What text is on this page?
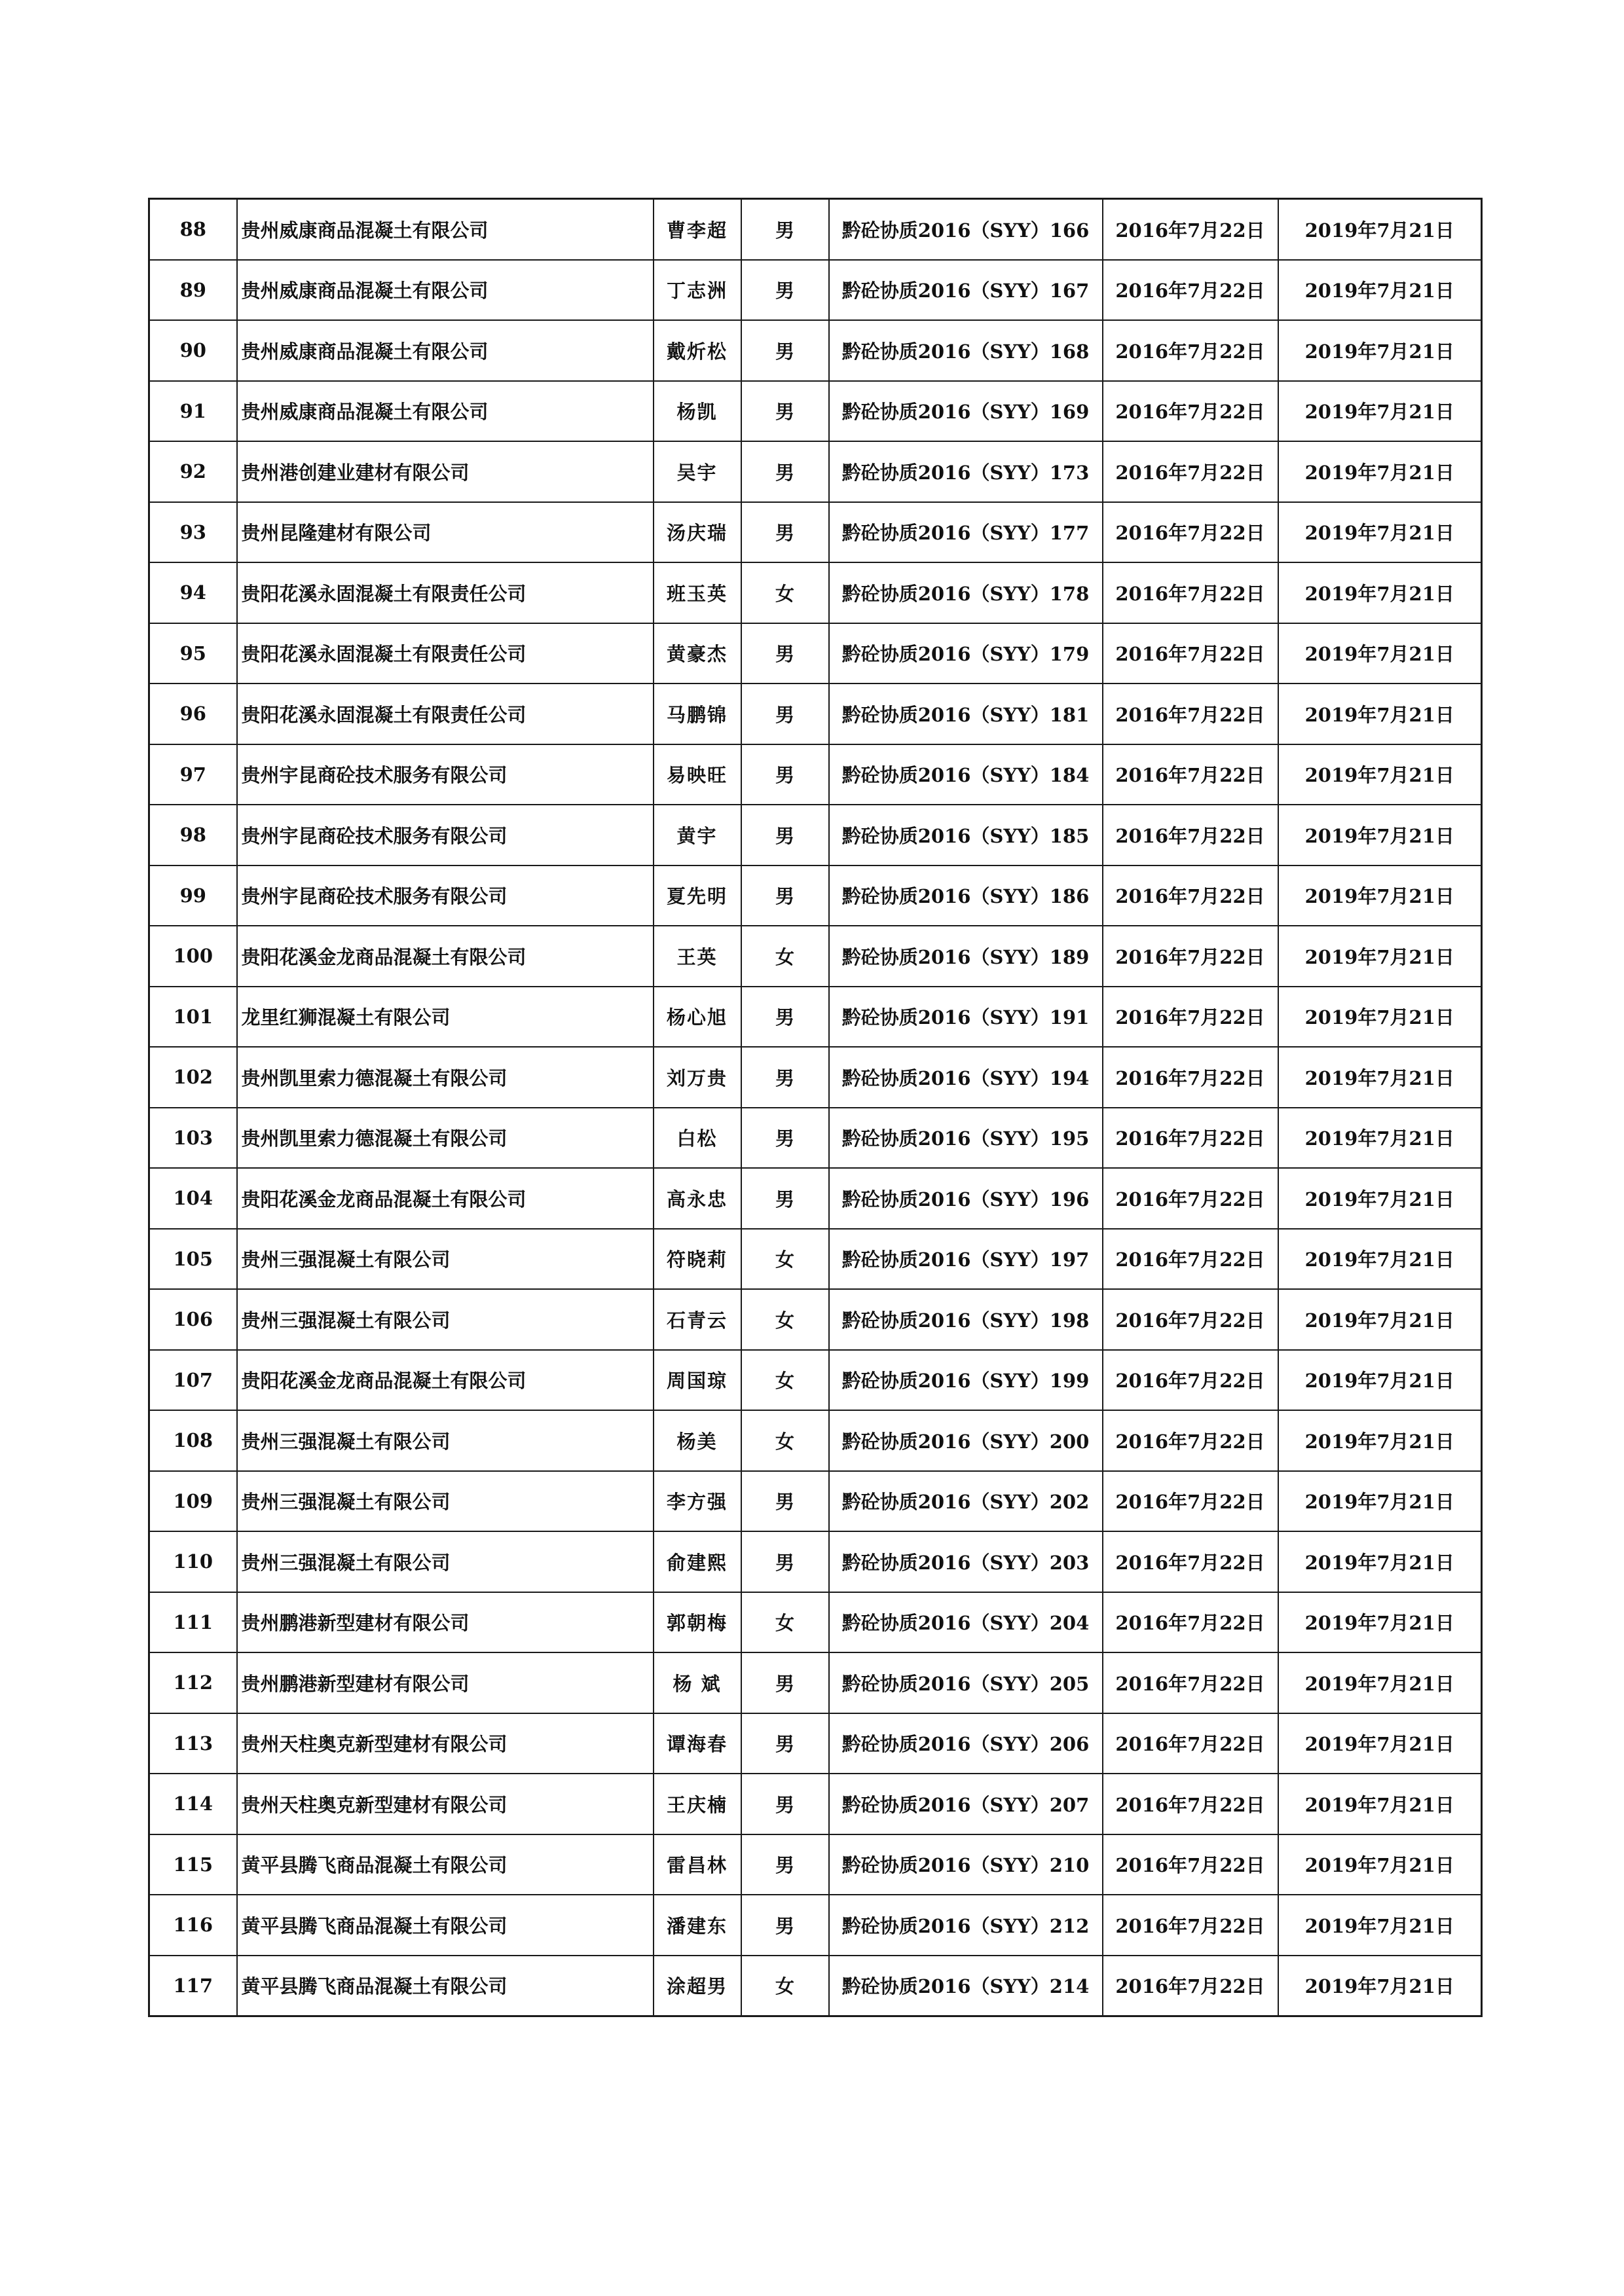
88	贵州威康商品混凝土有限公司	曹李超	男	黔砼协质2016（SYY）166	2016年7月22日	2019年7月21日
89	贵州威康商品混凝土有限公司	丁志洲	男	黔砼协质2016（SYY）167	2016年7月22日	2019年7月21日
90	贵州威康商品混凝土有限公司	戴炘松	男	黔砼协质2016（SYY）168	2016年7月22日	2019年7月21日
91	贵州威康商品混凝土有限公司	杨凯	男	黔砼协质2016（SYY）169	2016年7月22日	2019年7月21日
92	贵州港创建业建材有限公司	吴宇	男	黔砼协质2016（SYY）173	2016年7月22日	2019年7月21日
93	贵州昆隆建材有限公司	汤庆瑞	男	黔砼协质2016（SYY）177	2016年7月22日	2019年7月21日
94	贵阳花溪永固混凝土有限责任公司	班玉英	女	黔砼协质2016（SYY）178	2016年7月22日	2019年7月21日
95	贵阳花溪永固混凝土有限责任公司	黄豪杰	男	黔砼协质2016（SYY）179	2016年7月22日	2019年7月21日
96	贵阳花溪永固混凝土有限责任公司	马鹏锦	男	黔砼协质2016（SYY）181	2016年7月22日	2019年7月21日
97	贵州宇昆商砼技术服务有限公司	易映旺	男	黔砼协质2016（SYY）184	2016年7月22日	2019年7月21日
98	贵州宇昆商砼技术服务有限公司	黄宇	男	黔砼协质2016（SYY）185	2016年7月22日	2019年7月21日
99	贵州宇昆商砼技术服务有限公司	夏先明	男	黔砼协质2016（SYY）186	2016年7月22日	2019年7月21日
100	贵阳花溪金龙商品混凝土有限公司	王英	女	黔砼协质2016（SYY）189	2016年7月22日	2019年7月21日
101	龙里红狮混凝土有限公司	杨心旭	男	黔砼协质2016（SYY）191	2016年7月22日	2019年7月21日
102	贵州凯里索力德混凝土有限公司	刘万贵	男	黔砼协质2016（SYY）194	2016年7月22日	2019年7月21日
103	贵州凯里索力德混凝土有限公司	白松	男	黔砼协质2016（SYY）195	2016年7月22日	2019年7月21日
104	贵阳花溪金龙商品混凝土有限公司	高永忠	男	黔砼协质2016（SYY）196	2016年7月22日	2019年7月21日
105	贵州三强混凝土有限公司	符晓莉	女	黔砼协质2016（SYY）197	2016年7月22日	2019年7月21日
106	贵州三强混凝土有限公司	石青云	女	黔砼协质2016（SYY）198	2016年7月22日	2019年7月21日
107	贵阳花溪金龙商品混凝土有限公司	周国琼	女	黔砼协质2016（SYY）199	2016年7月22日	2019年7月21日
108	贵州三强混凝土有限公司	杨美	女	黔砼协质2016（SYY）200	2016年7月22日	2019年7月21日
109	贵州三强混凝土有限公司	李方强	男	黔砼协质2016（SYY）202	2016年7月22日	2019年7月21日
110	贵州三强混凝土有限公司	俞建熙	男	黔砼协质2016（SYY）203	2016年7月22日	2019年7月21日
111	贵州鹏港新型建材有限公司	郭朝梅	女	黔砼协质2016（SYY）204	2016年7月22日	2019年7月21日
112	贵州鹏港新型建材有限公司	杨 斌	男	黔砼协质2016（SYY）205	2016年7月22日	2019年7月21日
113	贵州天柱奥克新型建材有限公司	谭海春	男	黔砼协质2016（SYY）206	2016年7月22日	2019年7月21日
114	贵州天柱奥克新型建材有限公司	王庆楠	男	黔砼协质2016（SYY）207	2016年7月22日	2019年7月21日
115	黄平县腾飞商品混凝土有限公司	雷昌林	男	黔砼协质2016（SYY）210	2016年7月22日	2019年7月21日
116	黄平县腾飞商品混凝土有限公司	潘建东	男	黔砼协质2016（SYY）212	2016年7月22日	2019年7月21日
117	黄平县腾飞商品混凝土有限公司	涂超男	女	黔砼协质2016（SYY）214	2016年7月22日	2019年7月21日
